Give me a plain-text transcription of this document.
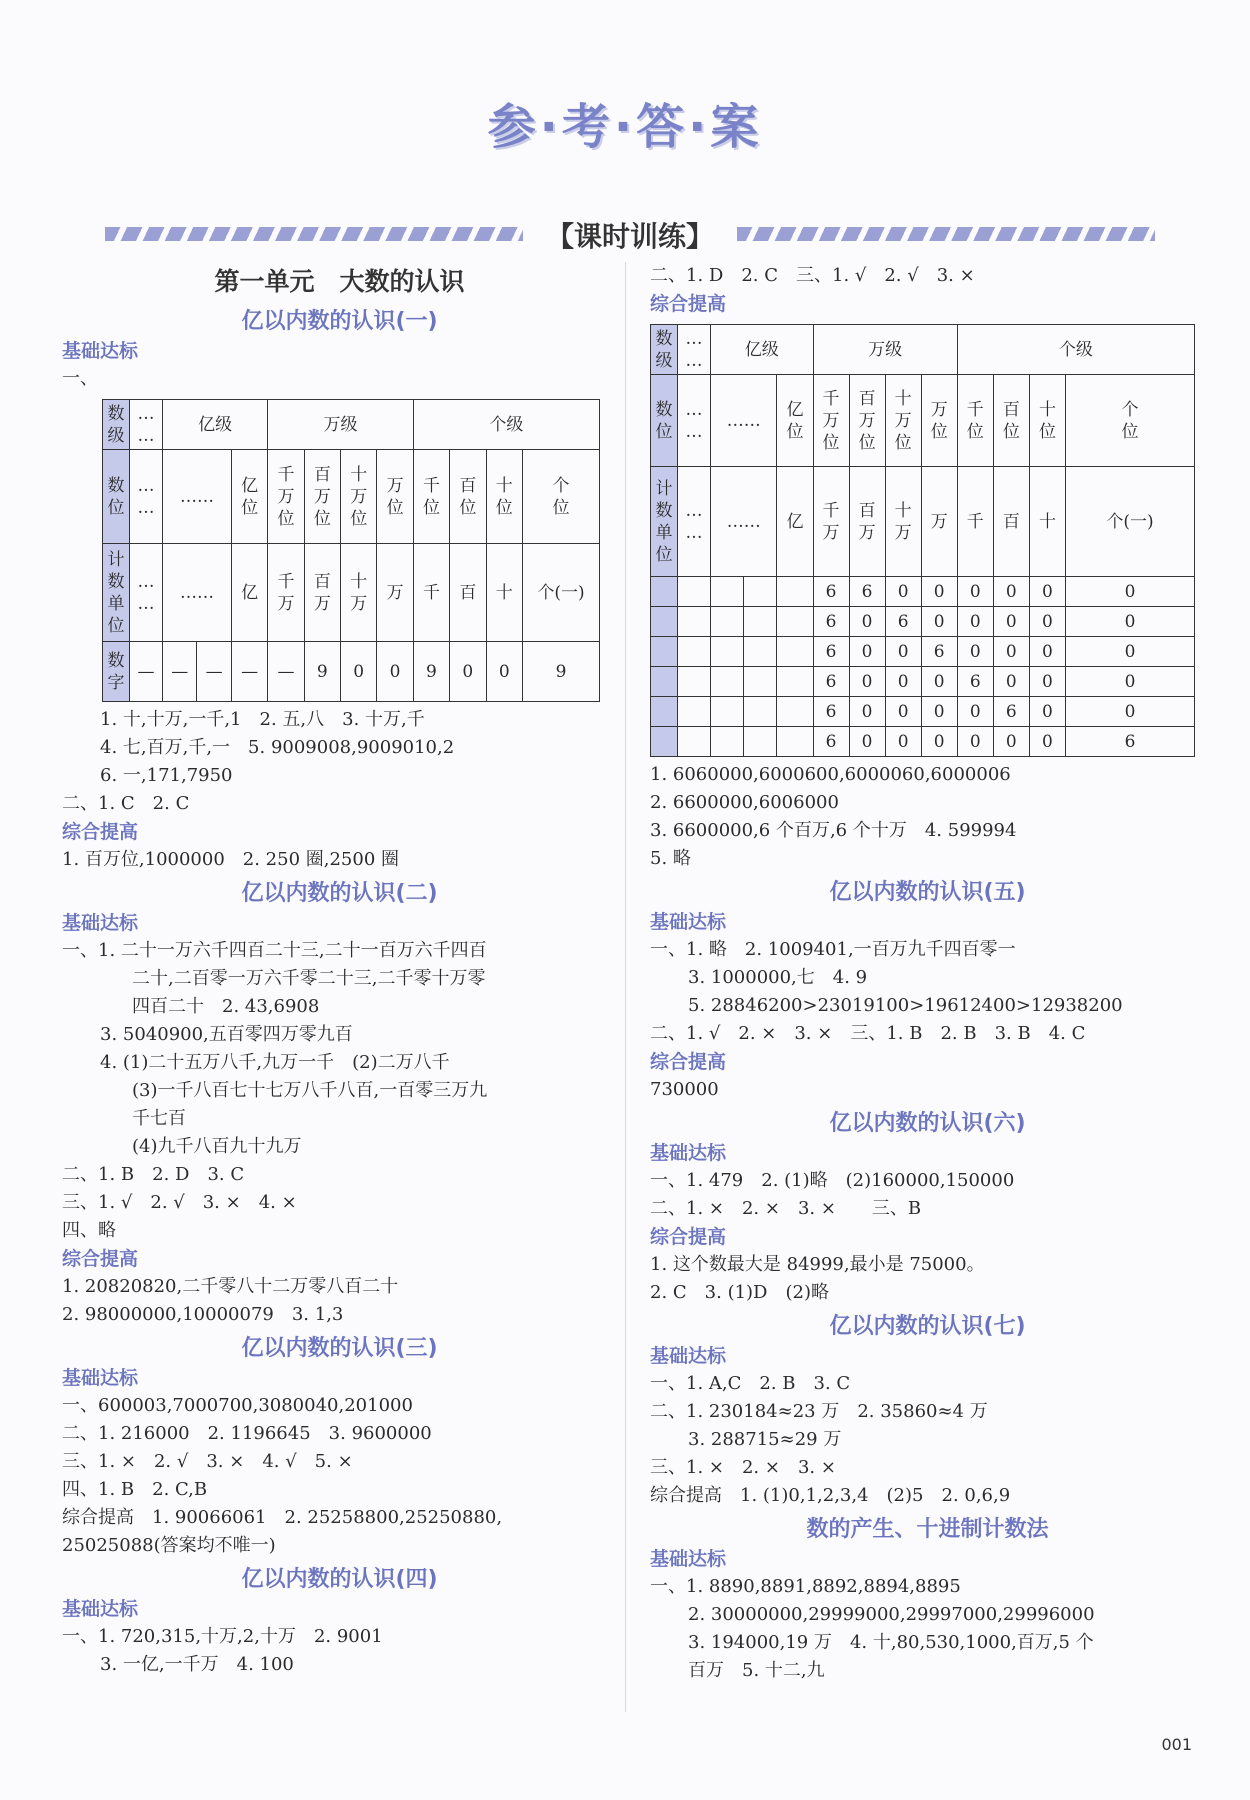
参·考·答·案
【课时训练】
第一单元　大数的认识
亿以内数的认识(一)
基础达标
一、
数级	…
…	亿级			万级				个级			
数位	…
…	……		亿位	千万位	百万位	十万位	万位	千位	百位	十位	个位
计数单位	…
…	……		亿	千万	百万	十万	万	千	百	十	个(一)
数字	—	—	—	—	—	9	0	0	9	0	0	9
1. 十,十万,一千,1　2. 五,八　3. 十万,千
4. 七,百万,千,一　5. 9009008,9009010,2
6. 一,171,7950
二、1. C　2. C
综合提高
1. 百万位,1000000　2. 250 圈,2500 圈
亿以内数的认识(二)
基础达标
一、1. 二十一万六千四百二十三,二十一百万六千四百
二十,二百零一万六千零二十三,二千零十万零
四百二十　2. 43,6908
3. 5040900,五百零四万零九百
4. (1)二十五万八千,九万一千　(2)二万八千
(3)一千八百七十七万八千八百,一百零三万九
千七百
(4)九千八百九十九万
二、1. B　2. D　3. C
三、1. √　2. √　3. ×　4. ×
四、略
综合提高
1. 20820820,二千零八十二万零八百二十
2. 98000000,10000079　3. 1,3
亿以内数的认识(三)
基础达标
一、600003,7000700,3080040,201000
二、1. 216000　2. 1196645　3. 9600000
三、1. ×　2. √　3. ×　4. √　5. ×
四、1. B　2. C,B
综合提高　1. 90066061　2. 25258800,25250880,
25025088(答案均不唯一)
亿以内数的认识(四)
基础达标
一、1. 720,315,十万,2,十万　2. 9001
3. 一亿,一千万　4. 100
二、1. D　2. C　三、1. √　2. √　3. ×
综合提高
数级	…
…	亿级			万级				个级			
数位	…
…	……		亿位	千万位	百万位	十万位	万位	千位	百位	十位	个位
计数单位	…
…	……		亿	千万	百万	十万	万	千	百	十	个(一)
					6	6	0	0	0	0	0	0
					6	0	6	0	0	0	0	0
					6	0	0	6	0	0	0	0
					6	0	0	0	6	0	0	0
					6	0	0	0	0	6	0	0
					6	0	0	0	0	0	0	6
1. 6060000,6000600,6000060,6000006
2. 6600000,6006000
3. 6600000,6 个百万,6 个十万　4. 599994
5. 略
亿以内数的认识(五)
基础达标
一、1. 略　2. 1009401,一百万九千四百零一
3. 1000000,七　4. 9
5. 28846200>23019100>19612400>12938200
二、1. √　2. ×　3. ×　三、1. B　2. B　3. B　4. C
综合提高
730000
亿以内数的认识(六)
基础达标
一、1. 479　2. (1)略　(2)160000,150000
二、1. ×　2. ×　3. ×　　三、B
综合提高
1. 这个数最大是 84999,最小是 75000。
2. C　3. (1)D　(2)略
亿以内数的认识(七)
基础达标
一、1. A,C　2. B　3. C
二、1. 230184≈23 万　2. 35860≈4 万
3. 288715≈29 万
三、1. ×　2. ×　3. ×
综合提高　1. (1)0,1,2,3,4　(2)5　2. 0,6,9
数的产生、十进制计数法
基础达标
一、1. 8890,8891,8892,8894,8895
2. 30000000,29999000,29997000,29996000
3. 194000,19 万　4. 十,80,530,1000,百万,5 个
百万　5. 十二,九
001
